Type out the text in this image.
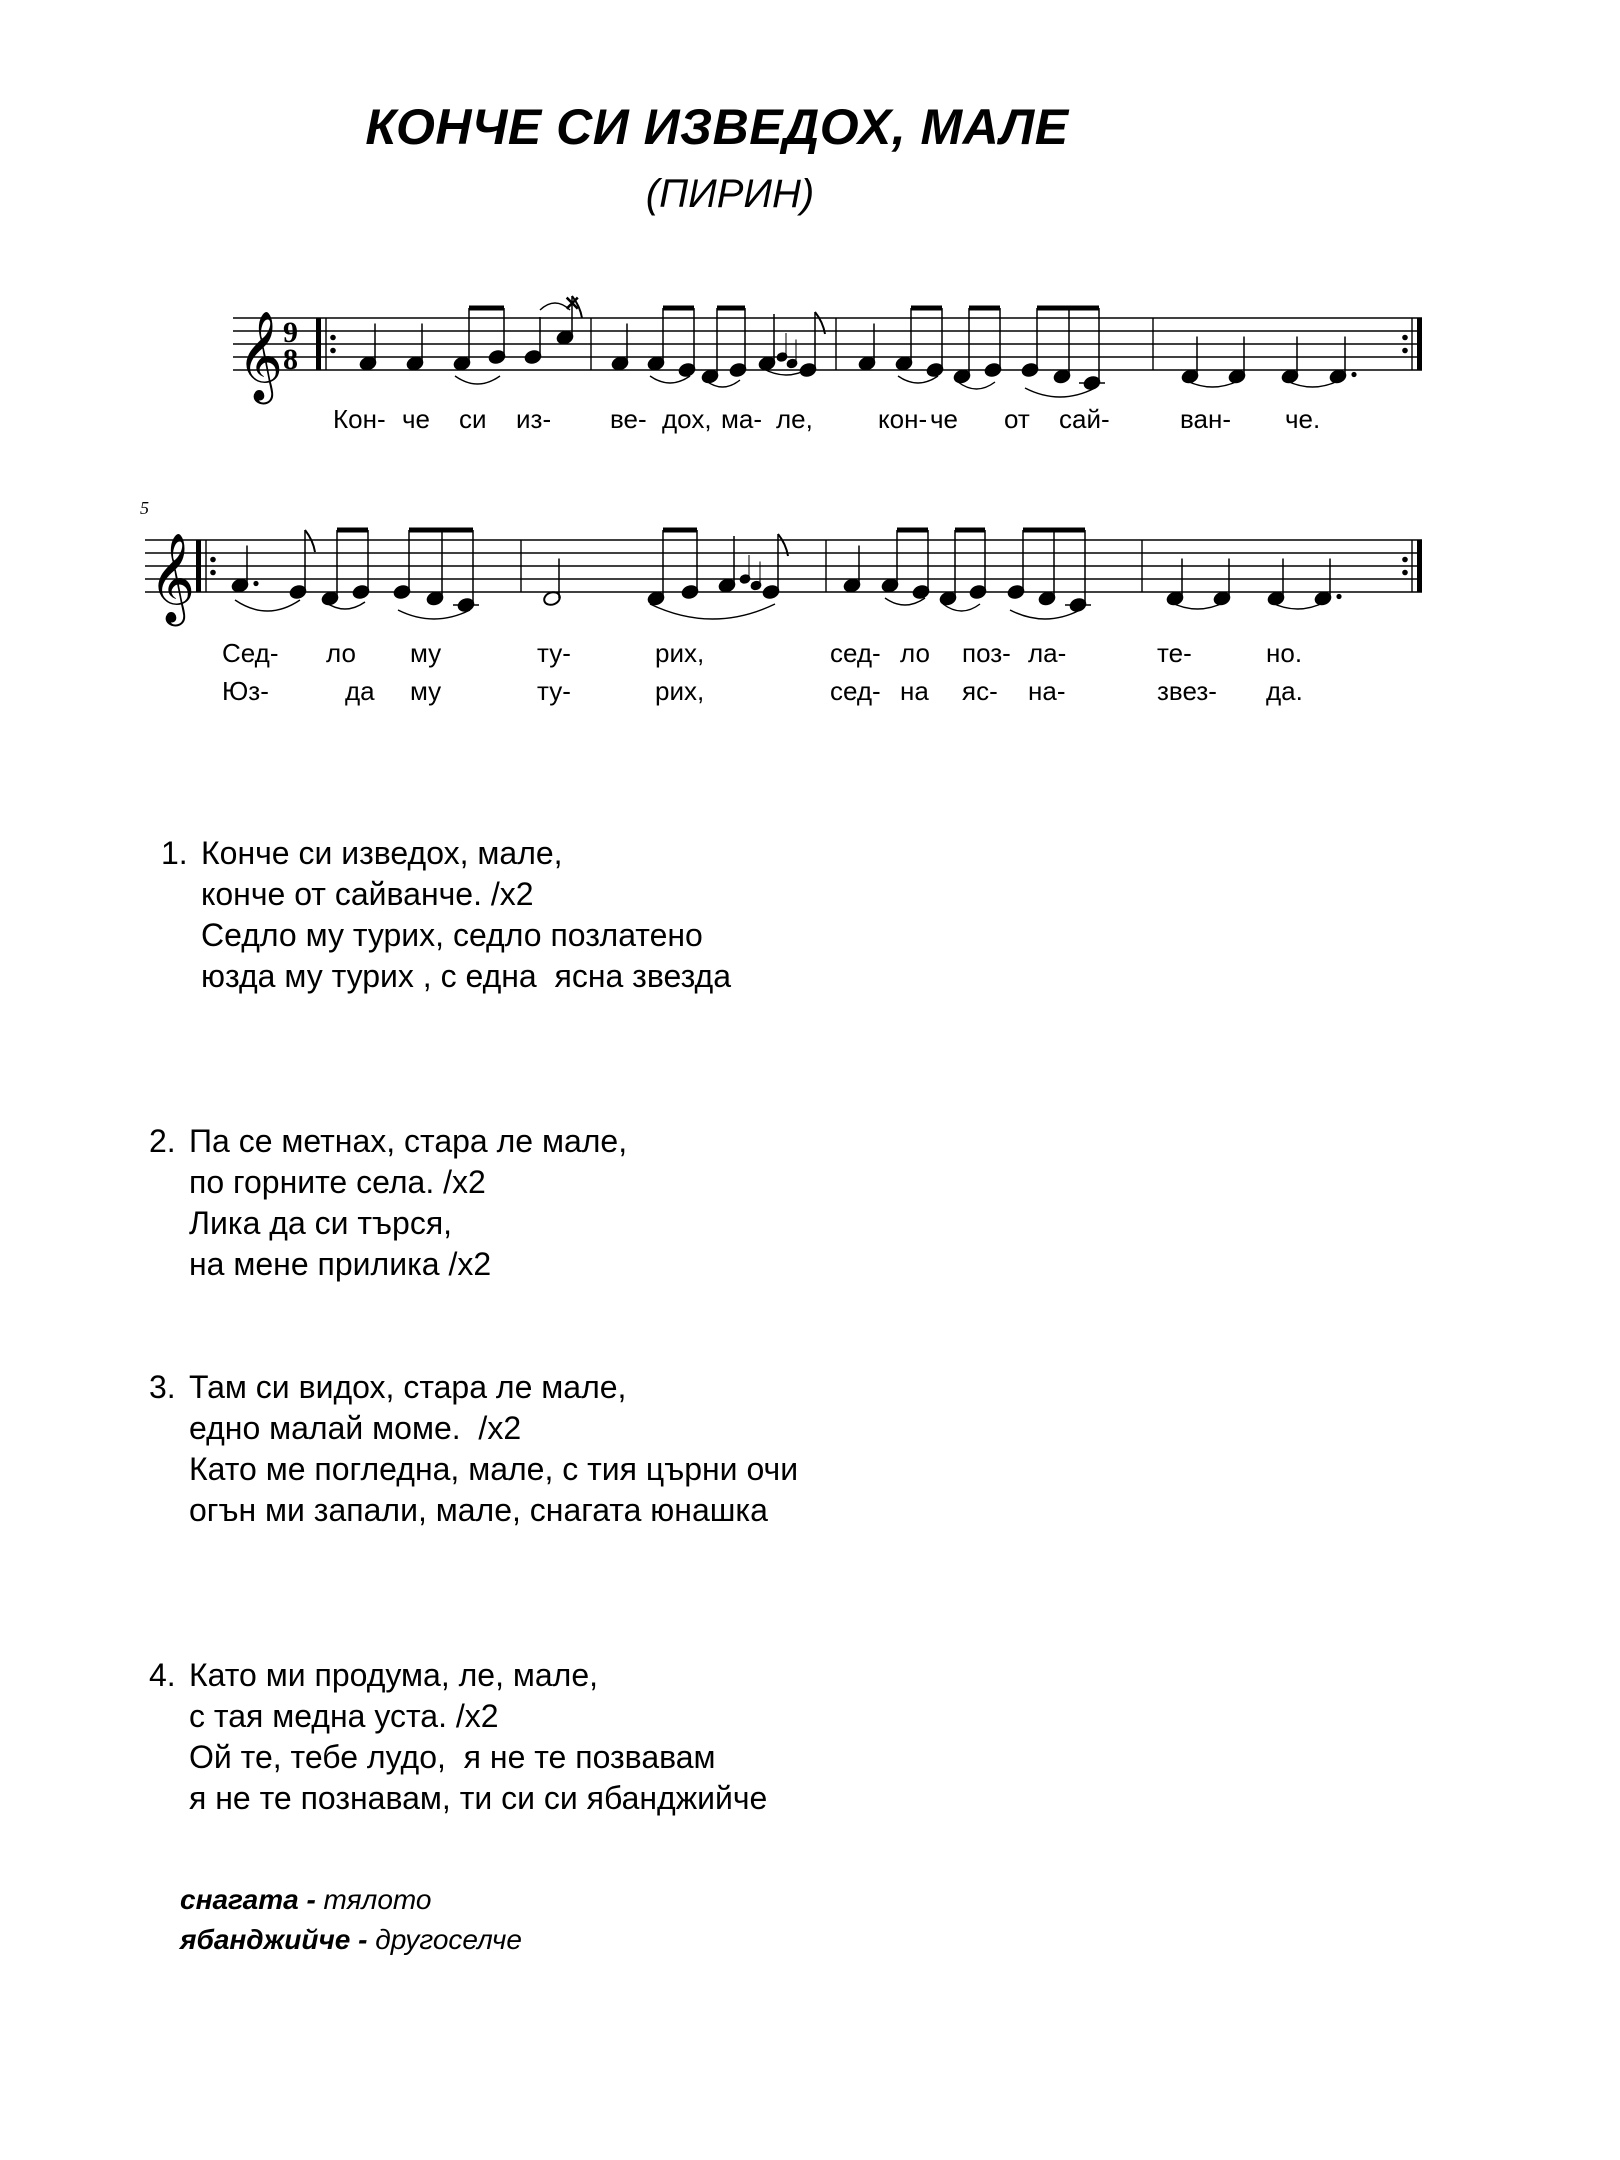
КОНЧЕ СИ ИЗВЕДОХ, МАЛЕ
(ПИРИН)
𝄞 9
8
⨯
Кон- че си из- ве- дох, ма- ле,	кон- че от сай-	ван- че.
5
𝄞
Сед- ло му	ту-	рих,	сед- ло поз- ла-	те-	но.
Юз-	да му	ту-	рих,	сед- на яс- на-	звез- да.
1. Конче си изведох, мале,
конче от сайванче. /x2
Седло му турих, седло позлатено
юзда му турих , с една  ясна звезда
2. Па се метнах, стара ле мале,
по горните села. /x2
Лика да си търся,
на мене прилика /x2
3. Там си видох, стара ле мале,
едно малай моме.  /x2
Като ме погледна, мале, с тия църни очи
огън ми запали, мале, снагата юнашка
4. Като ми продума, ле, мале,
с тая медна уста. /x2
Ой те, тебе лудо,  я не те позвавам
я не те познавам, ти си си ябанджийче
снагата - тялото
ябанджийче - другоселче
